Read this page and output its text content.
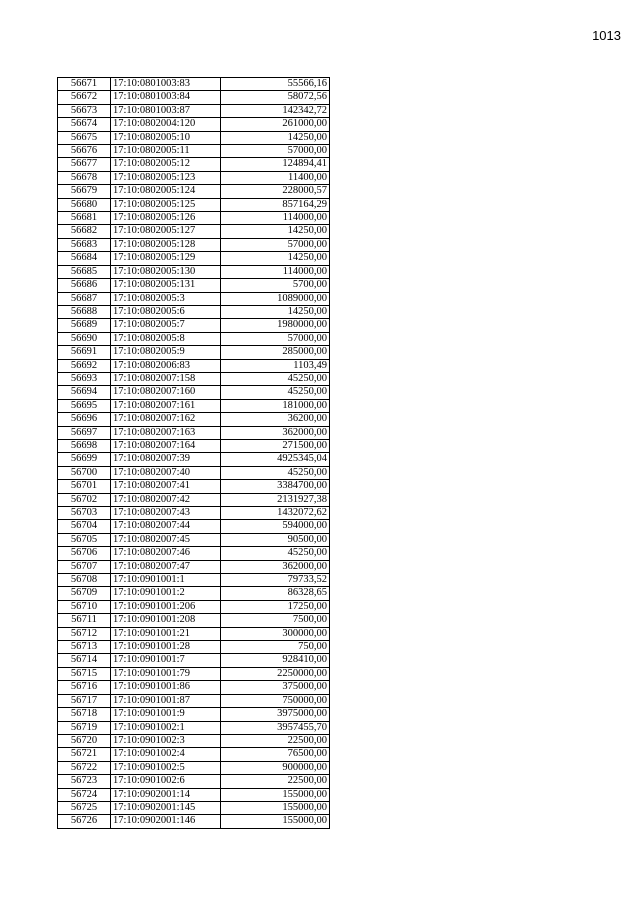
1013
56671	17:10:0801003:83	55566,16
56672	17:10:0801003:84	58072,56
56673	17:10:0801003:87	142342,72
56674	17:10:0802004:120	261000,00
56675	17:10:0802005:10	14250,00
56676	17:10:0802005:11	57000,00
56677	17:10:0802005:12	124894,41
56678	17:10:0802005:123	11400,00
56679	17:10:0802005:124	228000,57
56680	17:10:0802005:125	857164,29
56681	17:10:0802005:126	114000,00
56682	17:10:0802005:127	14250,00
56683	17:10:0802005:128	57000,00
56684	17:10:0802005:129	14250,00
56685	17:10:0802005:130	114000,00
56686	17:10:0802005:131	5700,00
56687	17:10:0802005:3	1089000,00
56688	17:10:0802005:6	14250,00
56689	17:10:0802005:7	1980000,00
56690	17:10:0802005:8	57000,00
56691	17:10:0802005:9	285000,00
56692	17:10:0802006:83	1103,49
56693	17:10:0802007:158	45250,00
56694	17:10:0802007:160	45250,00
56695	17:10:0802007:161	181000,00
56696	17:10:0802007:162	36200,00
56697	17:10:0802007:163	362000,00
56698	17:10:0802007:164	271500,00
56699	17:10:0802007:39	4925345,04
56700	17:10:0802007:40	45250,00
56701	17:10:0802007:41	3384700,00
56702	17:10:0802007:42	2131927,38
56703	17:10:0802007:43	1432072,62
56704	17:10:0802007:44	594000,00
56705	17:10:0802007:45	90500,00
56706	17:10:0802007:46	45250,00
56707	17:10:0802007:47	362000,00
56708	17:10:0901001:1	79733,52
56709	17:10:0901001:2	86328,65
56710	17:10:0901001:206	17250,00
56711	17:10:0901001:208	7500,00
56712	17:10:0901001:21	300000,00
56713	17:10:0901001:28	750,00
56714	17:10:0901001:7	928410,00
56715	17:10:0901001:79	2250000,00
56716	17:10:0901001:86	375000,00
56717	17:10:0901001:87	750000,00
56718	17:10:0901001:9	3975000,00
56719	17:10:0901002:1	3957455,70
56720	17:10:0901002:3	22500,00
56721	17:10:0901002:4	76500,00
56722	17:10:0901002:5	900000,00
56723	17:10:0901002:6	22500,00
56724	17:10:0902001:14	155000,00
56725	17:10:0902001:145	155000,00
56726	17:10:0902001:146	155000,00
